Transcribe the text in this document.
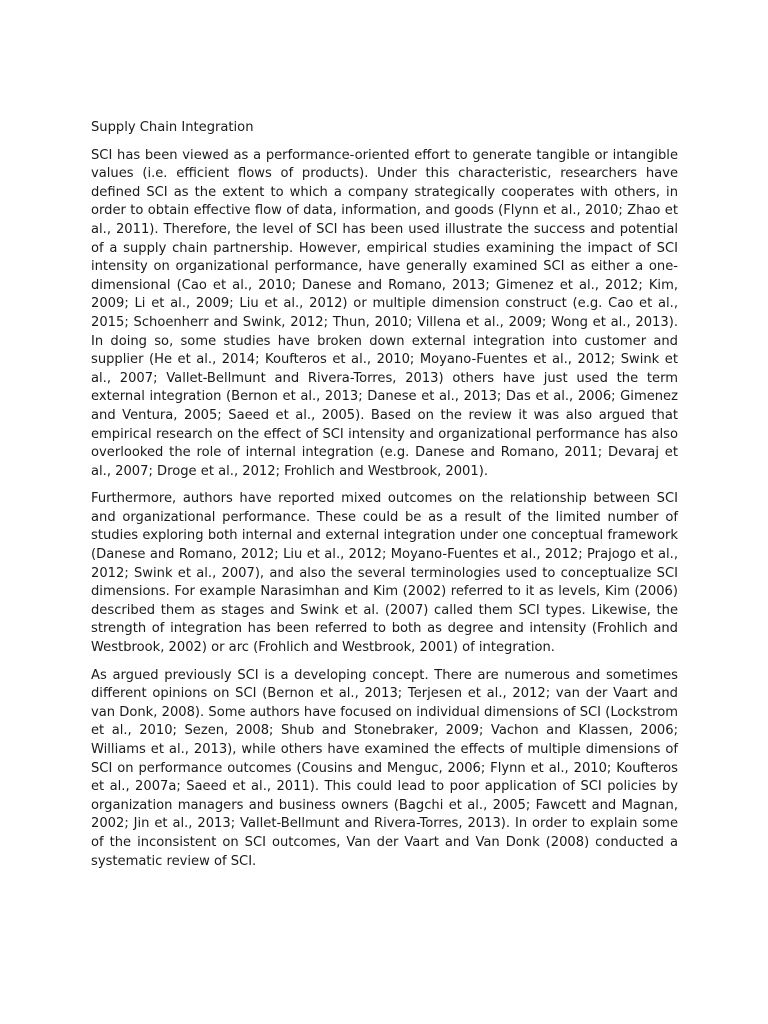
Supply Chain Integration

SCI has been viewed as a performance-oriented effort to generate tangible or intangible values (i.e. efficient flows of products). Under this characteristic, researchers have defined SCI as the extent to which a company strategically cooperates with others, in order to obtain effective flow of data, information, and goods (Flynn et al., 2010; Zhao et al., 2011). Therefore, the level of SCI has been used illustrate the success and potential of a supply chain partnership. However, empirical studies examining the impact of SCI intensity on organizational performance, have generally examined SCI as either a one-dimensional (Cao et al., 2010; Danese and Romano, 2013; Gimenez et al., 2012; Kim, 2009; Li et al., 2009; Liu et al., 2012) or multiple dimension construct (e.g. Cao et al., 2015; Schoenherr and Swink, 2012; Thun, 2010; Villena et al., 2009; Wong et al., 2013). In doing so, some studies have broken down external integration into customer and supplier (He et al., 2014; Koufteros et al., 2010; Moyano-Fuentes et al., 2012; Swink et al., 2007; Vallet-Bellmunt and Rivera-Torres, 2013) others have just used the term external integration (Bernon et al., 2013; Danese et al., 2013; Das et al., 2006; Gimenez and Ventura, 2005; Saeed et al., 2005). Based on the review it was also argued that empirical research on the effect of SCI intensity and organizational performance has also overlooked the role of internal integration (e.g. Danese and Romano, 2011; Devaraj et al., 2007; Droge et al., 2012; Frohlich and Westbrook, 2001).

Furthermore, authors have reported mixed outcomes on the relationship between SCI and organizational performance. These could be as a result of the limited number of studies exploring both internal and external integration under one conceptual framework (Danese and Romano, 2012; Liu et al., 2012; Moyano-Fuentes et al., 2012; Prajogo et al., 2012; Swink et al., 2007), and also the several terminologies used to conceptualize SCI dimensions. For example Narasimhan and Kim (2002) referred to it as levels, Kim (2006) described them as stages and Swink et al. (2007) called them SCI types. Likewise, the strength of integration has been referred to both as degree and intensity (Frohlich and Westbrook, 2002) or arc (Frohlich and Westbrook, 2001) of integration.

As argued previously SCI is a developing concept. There are numerous and sometimes different opinions on SCI (Bernon et al., 2013; Terjesen et al., 2012; van der Vaart and van Donk, 2008). Some authors have focused on individual dimensions of SCI (Lockstrom et al., 2010; Sezen, 2008; Shub and Stonebraker, 2009; Vachon and Klassen, 2006; Williams et al., 2013), while others have examined the effects of multiple dimensions of SCI on performance outcomes (Cousins and Menguc, 2006; Flynn et al., 2010; Koufteros et al., 2007a; Saeed et al., 2011). This could lead to poor application of SCI policies by organization managers and business owners (Bagchi et al., 2005; Fawcett and Magnan, 2002; Jin et al., 2013; Vallet-Bellmunt and Rivera-Torres, 2013). In order to explain some of the inconsistent on SCI outcomes, Van der Vaart and Van Donk (2008) conducted a systematic review of SCI.
